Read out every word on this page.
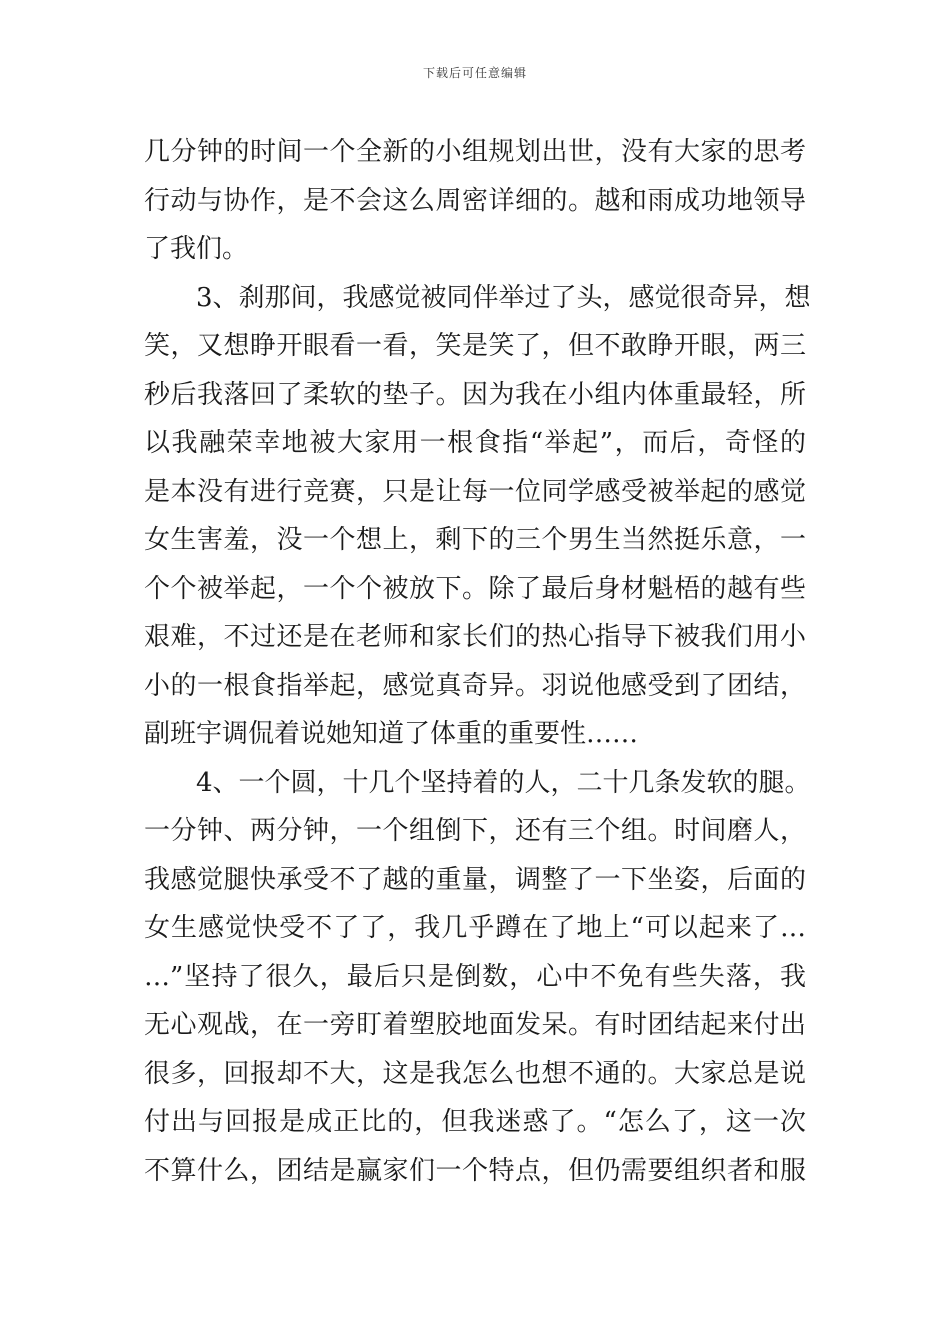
下载后可任意编辑
几分钟的时间一个全新的小组规划出世，没有大家的思考
行动与协作，是不会这么周密详细的。越和雨成功地领导
了我们。
3、刹那间，我感觉被同伴举过了头，感觉很奇异，想
笑，又想睁开眼看一看，笑是笑了，但不敢睁开眼，两三
秒后我落回了柔软的垫子。因为我在小组内体重最轻，所
以我融荣幸地被大家用一根食指“举起”，而后，奇怪的
是本没有进行竞赛，只是让每一位同学感受被举起的感觉
女生害羞，没一个想上，剩下的三个男生当然挺乐意，一
个个被举起，一个个被放下。除了最后身材魁梧的越有些
艰难，不过还是在老师和家长们的热心指导下被我们用小
小的一根食指举起，感觉真奇异。羽说他感受到了团结，
副班宇调侃着说她知道了体重的重要性……
4、一个圆，十几个坚持着的人，二十几条发软的腿。
一分钟、两分钟，一个组倒下，还有三个组。时间磨人，
我感觉腿快承受不了越的重量，调整了一下坐姿，后面的
女生感觉快受不了了，我几乎蹲在了地上“可以起来了…
…”坚持了很久，最后只是倒数，心中不免有些失落，我
无心观战，在一旁盯着塑胶地面发呆。有时团结起来付出
很多，回报却不大，这是我怎么也想不通的。大家总是说
付出与回报是成正比的，但我迷惑了。“怎么了，这一次
不算什么，团结是赢家们一个特点，但仍需要组织者和服
